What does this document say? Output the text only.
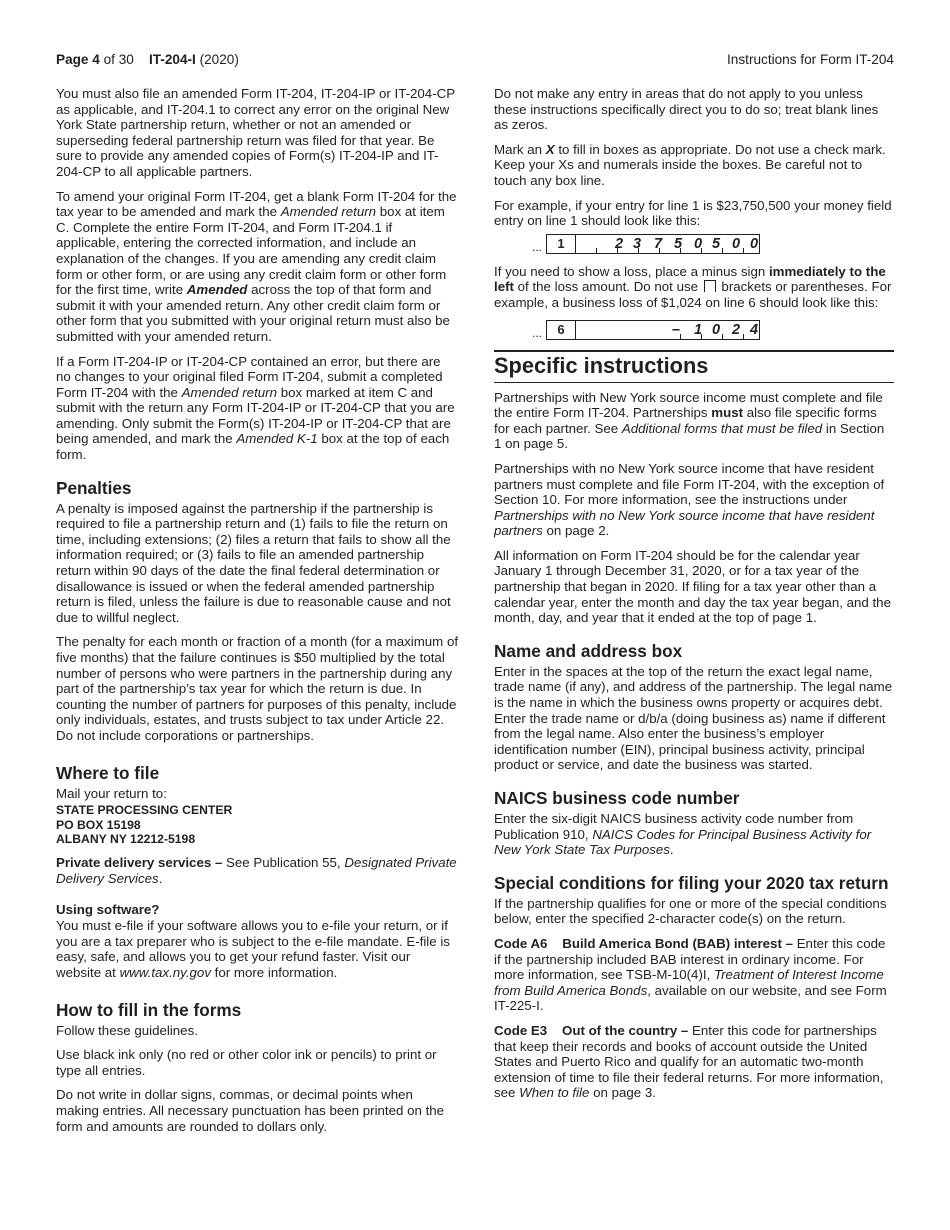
Page 4 of 30 IT-204-I (2020)	Instructions for Form IT-204

You must also file an amended Form IT-204, IT-204-IP or IT-204-CP as applicable, and IT-204.1 to correct any error on the original New York State partnership return, whether or not an amended or superseding federal partnership return was filed for that year. Be sure to provide any amended copies of Form(s) IT-204-IP and IT-204-CP to all applicable partners.

To amend your original Form IT-204, get a blank Form IT-204 for the tax year to be amended and mark the Amended return box at item C. Complete the entire Form IT-204, and Form IT-204.1 if applicable, entering the corrected information, and include an explanation of the changes. If you are amending any credit claim form or other form, or are using any credit claim form or other form for the first time, write Amended across the top of that form and submit it with your amended return. Any other credit claim form or other form that you submitted with your original return must also be submitted with your amended return.

If a Form IT-204-IP or IT-204-CP contained an error, but there are no changes to your original filed Form IT-204, submit a completed Form IT-204 with the Amended return box marked at item C and submit with the return any Form IT-204-IP or IT-204-CP that you are amending. Only submit the Form(s) IT-204-IP or IT-204-CP that are being amended, and mark the Amended K-1 box at the top of each form.

Penalties

A penalty is imposed against the partnership if the partnership is required to file a partnership return and (1) fails to file the return on time, including extensions; (2) files a return that fails to show all the information required; or (3) fails to file an amended partnership return within 90 days of the date the final federal determination or disallowance is issued or when the federal amended partnership return is filed, unless the failure is due to reasonable cause and not due to willful neglect.

The penalty for each month or fraction of a month (for a maximum of five months) that the failure continues is $50 multiplied by the total number of persons who were partners in the partnership during any part of the partnership’s tax year for which the return is due. In counting the number of partners for purposes of this penalty, include only individuals, estates, and trusts subject to tax under Article 22. Do not include corporations or partnerships.

Where to file

Mail your return to:

STATE PROCESSING CENTER
PO BOX 15198
ALBANY NY 12212-5198

Private delivery services – See Publication 55, Designated Private Delivery Services.

Using software?

You must e-file if your software allows you to e-file your return, or if you are a tax preparer who is subject to the e-file mandate. E-file is easy, safe, and allows you to get your refund faster. Visit our website at www.tax.ny.gov for more information.

How to fill in the forms

Follow these guidelines.

Use black ink only (no red or other color ink or pencils) to print or type all entries.

Do not write in dollar signs, commas, or decimal points when making entries. All necessary punctuation has been printed on the form and amounts are rounded to dollars only.

Do not make any entry in areas that do not apply to you unless these instructions specifically direct you to do so; treat blank lines as zeros.

Mark an X to fill in boxes as appropriate. Do not use a check mark. Keep your Xs and numerals inside the boxes. Be careful not to touch any box line.

For example, if your entry for line 1 is $23,750,500 your money field entry on line 1 should look like this:

...	1	2 3 7 5 0 5 0 0

If you need to show a loss, place a minus sign immediately to the left of the loss amount. Do not use brackets or parentheses. For example, a business loss of $1,024 on line 6 should look like this:

...	6	– 1 0 2 4
Specific instructions

Partnerships with New York source income must complete and file the entire Form IT-204. Partnerships must also file specific forms for each partner. See Additional forms that must be filed in Section 1 on page 5.

Partnerships with no New York source income that have resident partners must complete and file Form IT-204, with the exception of Section 10. For more information, see the instructions under Partnerships with no New York source income that have resident partners on page 2.

All information on Form IT-204 should be for the calendar year January 1 through December 31, 2020, or for a tax year of the partnership that began in 2020. If filing for a tax year other than a calendar year, enter the month and day the tax year began, and the month, day, and year that it ended at the top of page 1.

Name and address box

Enter in the spaces at the top of the return the exact legal name, trade name (if any), and address of the partnership. The legal name is the name in which the business owns property or acquires debt. Enter the trade name or d/b/a (doing business as) name if different from the legal name. Also enter the business’s employer identification number (EIN), principal business activity, principal product or service, and date the business was started.

NAICS business code number

Enter the six-digit NAICS business activity code number from Publication 910, NAICS Codes for Principal Business Activity for New York State Tax Purposes.

Special conditions for filing your 2020 tax return

If the partnership qualifies for one or more of the special conditions below, enter the specified 2-character code(s) on the return.

Code A6    Build America Bond (BAB) interest – Enter this code if the partnership included BAB interest in ordinary income. For more information, see TSB-M-10(4)I, Treatment of Interest Income from Build America Bonds, available on our website, and see Form IT-225-I.

Code E3    Out of the country – Enter this code for partnerships that keep their records and books of account outside the United States and Puerto Rico and qualify for an automatic two-month extension of time to file their federal returns. For more information, see When to file on page 3.
